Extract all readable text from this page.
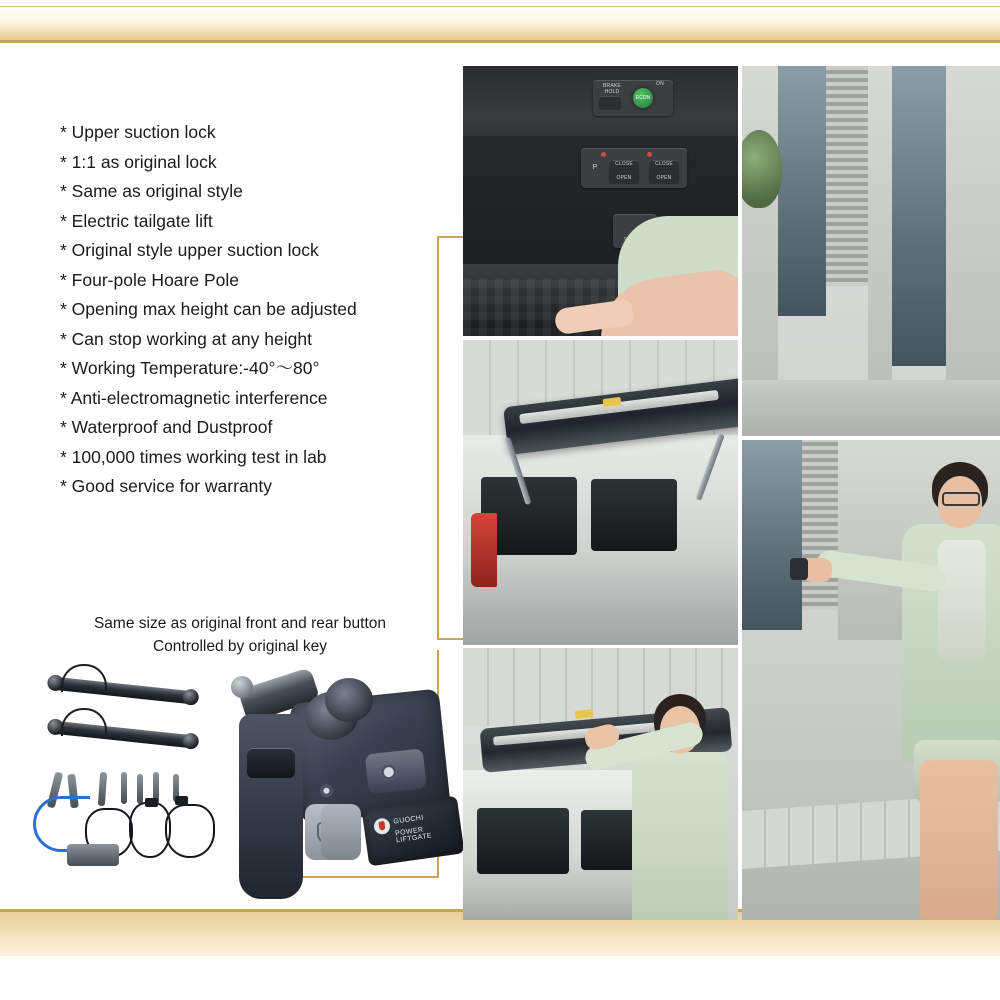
* Upper suction lock
* 1:1 as original lock
* Same as original style
* Electric tailgate lift
* Original style upper suction lock
* Four-pole Hoare Pole
* Opening max height can be adjusted
* Can stop working at any height
* Working Temperature:-40°～80°
* Anti-electromagnetic interference
* Waterproof and Dustproof
* 100,000 times working test in lab
* Good service for warranty
Same size as original front and rear button
Controlled by original key
GUOCHI
POWER LIFTGATE
BRAKE HOLD
ECON
ON
P	CLOSE
OPEN
CLOSE
OPEN
